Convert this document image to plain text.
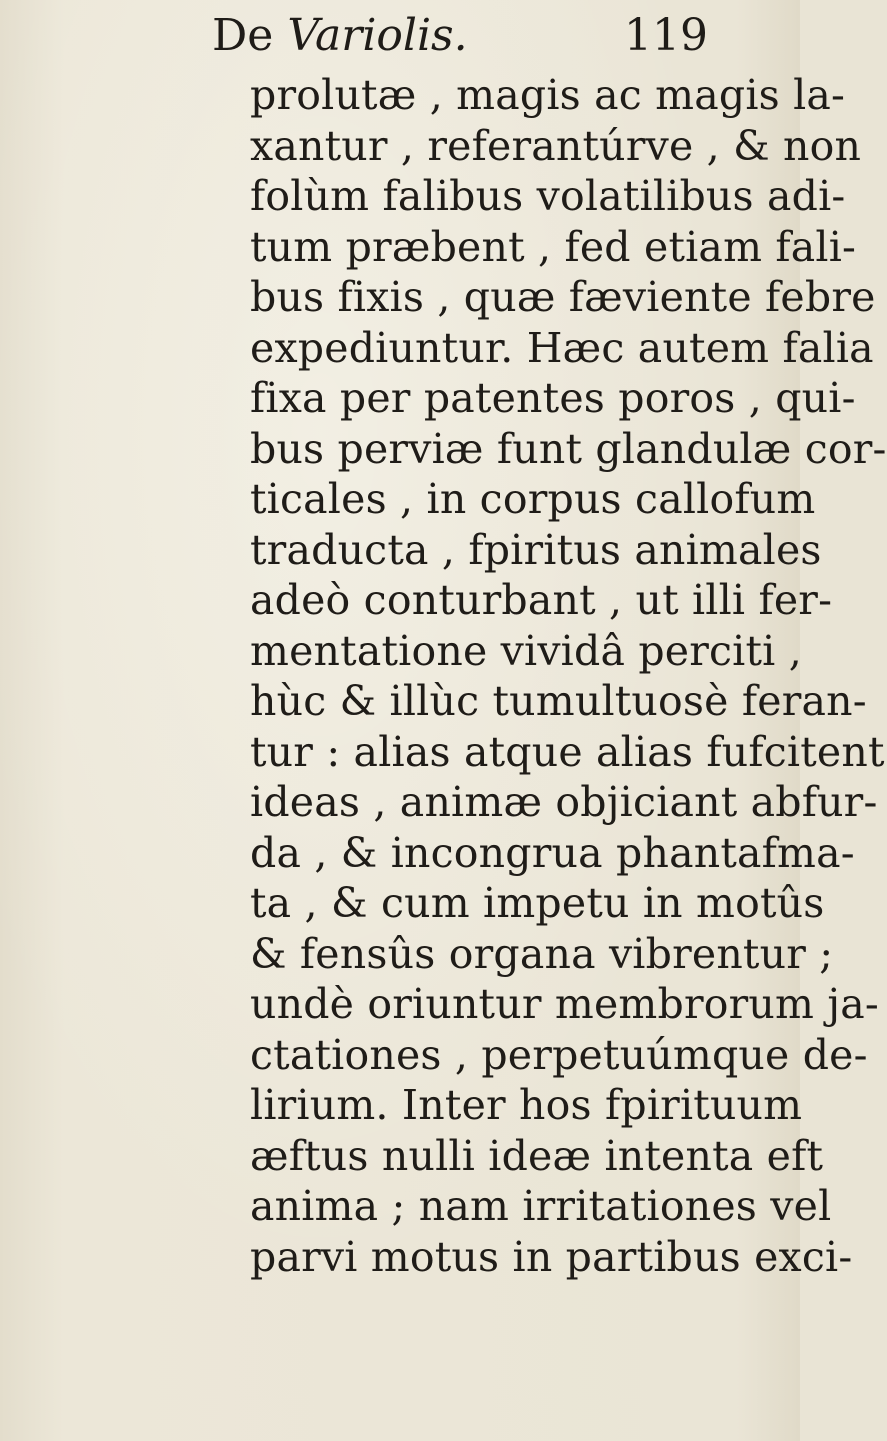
De Variolis.	119
prolutæ , magis ac magis la-
xantur , referantúrve , & non
folùm falibus volatilibus adi-
tum præbent , fed etiam fali-
bus fixis , quæ fæviente febre
expediuntur. Hæc autem falia
fixa per patentes poros , qui-
bus perviæ funt glandulæ cor-
ticales , in corpus callofum
traducta , fpiritus animales
adeò conturbant , ut illi fer-
mentatione vividâ perciti ,
hùc & illùc tumultuosè feran-
tur : alias atque alias fufcitent
ideas , animæ objiciant abfur-
da , & incongrua phantafma-
ta , & cum impetu in motûs
& fensûs organa vibrentur ;
undè oriuntur membrorum ja-
ctationes , perpetuúmque de-
lirium. Inter hos fpirituum
æftus nulli ideæ intenta eft
anima ; nam irritationes vel
parvi motus in partibus exci-
